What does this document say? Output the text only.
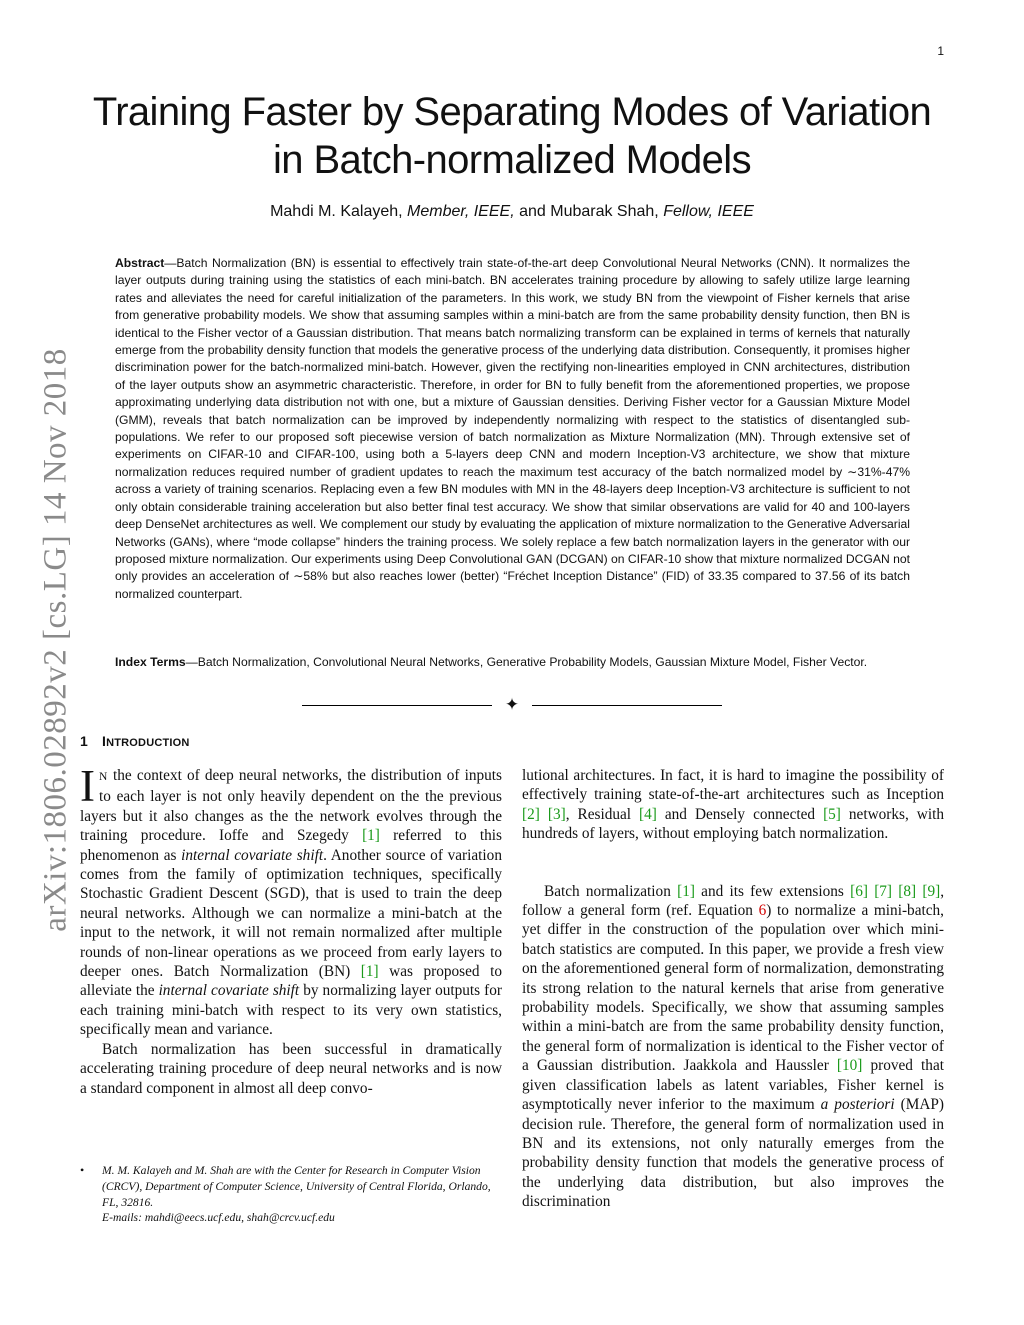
1
arXiv:1806.02892v2 [cs.LG] 14 Nov 2018
Training Faster by Separating Modes of Variation
in Batch-normalized Models
Mahdi M. Kalayeh, Member, IEEE, and Mubarak Shah, Fellow, IEEE

Abstract—Batch Normalization (BN) is essential to effectively train state-of-the-art deep Convolutional Neural Networks (CNN). It normalizes the layer outputs during training using the statistics of each mini-batch. BN accelerates training procedure by allowing to safely utilize large learning rates and alleviates the need for careful initialization of the parameters. In this work, we study BN from the viewpoint of Fisher kernels that arise from generative probability models. We show that assuming samples within a mini-batch are from the same probability density function, then BN is identical to the Fisher vector of a Gaussian distribution. That means batch normalizing transform can be explained in terms of kernels that naturally emerge from the probability density function that models the generative process of the underlying data distribution. Consequently, it promises higher discrimination power for the batch-normalized mini-batch. However, given the rectifying non-linearities employed in CNN architectures, distribution of the layer outputs show an asymmetric characteristic. Therefore, in order for BN to fully benefit from the aforementioned properties, we propose approximating underlying data distribution not with one, but a mixture of Gaussian densities. Deriving Fisher vector for a Gaussian Mixture Model (GMM), reveals that batch normalization can be improved by independently normalizing with respect to the statistics of disentangled sub-populations. We refer to our proposed soft piecewise version of batch normalization as Mixture Normalization (MN). Through extensive set of experiments on CIFAR-10 and CIFAR-100, using both a 5-layers deep CNN and modern Inception-V3 architecture, we show that mixture normalization reduces required number of gradient updates to reach the maximum test accuracy of the batch normalized model by ∼31%-47% across a variety of training scenarios. Replacing even a few BN modules with MN in the 48-layers deep Inception-V3 architecture is sufficient to not only obtain considerable training acceleration but also better final test accuracy. We show that similar observations are valid for 40 and 100-layers deep DenseNet architectures as well. We complement our study by evaluating the application of mixture normalization to the Generative Adversarial Networks (GANs), where “mode collapse” hinders the training process. We solely replace a few batch normalization layers in the generator with our proposed mixture normalization. Our experiments using Deep Convolutional GAN (DCGAN) on CIFAR-10 show that mixture normalized DCGAN not only provides an acceleration of ∼58% but also reaches lower (better) “Fréchet Inception Distance” (FID) of 33.35 compared to 37.56 of its batch normalized counterpart.

Index Terms—Batch Normalization, Convolutional Neural Networks, Generative Probability Models, Gaussian Mixture Model, Fisher Vector.

✦
1 INTRODUCTION

I N the context of deep neural networks, the distribution of inputs to each layer is not only heavily dependent on the the previous layers but it also changes as the the network evolves through the training procedure. Ioffe and Szegedy [1] referred to this phenomenon as internal covariate shift. Another source of variation comes from the family of optimization techniques, specifically Stochastic Gradient Descent (SGD), that is used to train the deep neural networks. Although we can normalize a mini-batch at the input to the network, it will not remain normalized after multiple rounds of non-linear operations as we proceed from early layers to deeper ones. Batch Normalization (BN) [1] was proposed to alleviate the internal covariate shift by normalizing layer outputs for each training mini-batch with respect to its very own statistics, specifically mean and variance.

Batch normalization has been successful in dramatically accelerating training procedure of deep neural networks and is now a standard component in almost all deep convo-

• M. M. Kalayeh and M. Shah are with the Center for Research in Computer Vision (CRCV), Department of Computer Science, University of Central Florida, Orlando, FL, 32816.
E-mails: mahdi@eecs.ucf.edu, shah@crcv.ucf.edu

lutional architectures. In fact, it is hard to imagine the possibility of effectively training state-of-the-art architectures such as Inception [2] [3], Residual [4] and Densely connected [5] networks, with hundreds of layers, without employing batch normalization.

Batch normalization [1] and its few extensions [6] [7] [8] [9], follow a general form (ref. Equation 6) to normalize a mini-batch, yet differ in the construction of the population over which mini-batch statistics are computed. In this paper, we provide a fresh view on the aforementioned general form of normalization, demonstrating its strong relation to the natural kernels that arise from generative probability models. Specifically, we show that assuming samples within a mini-batch are from the same probability density function, the general form of normalization is identical to the Fisher vector of a Gaussian distribution. Jaakkola and Haussler [10] proved that given classification labels as latent variables, Fisher kernel is asymptotically never inferior to the maximum a posteriori (MAP) decision rule. Therefore, the general form of normalization used in BN and its extensions, not only naturally emerges from the probability density function that models the generative process of the underlying data distribution, but also improves the discrimination
